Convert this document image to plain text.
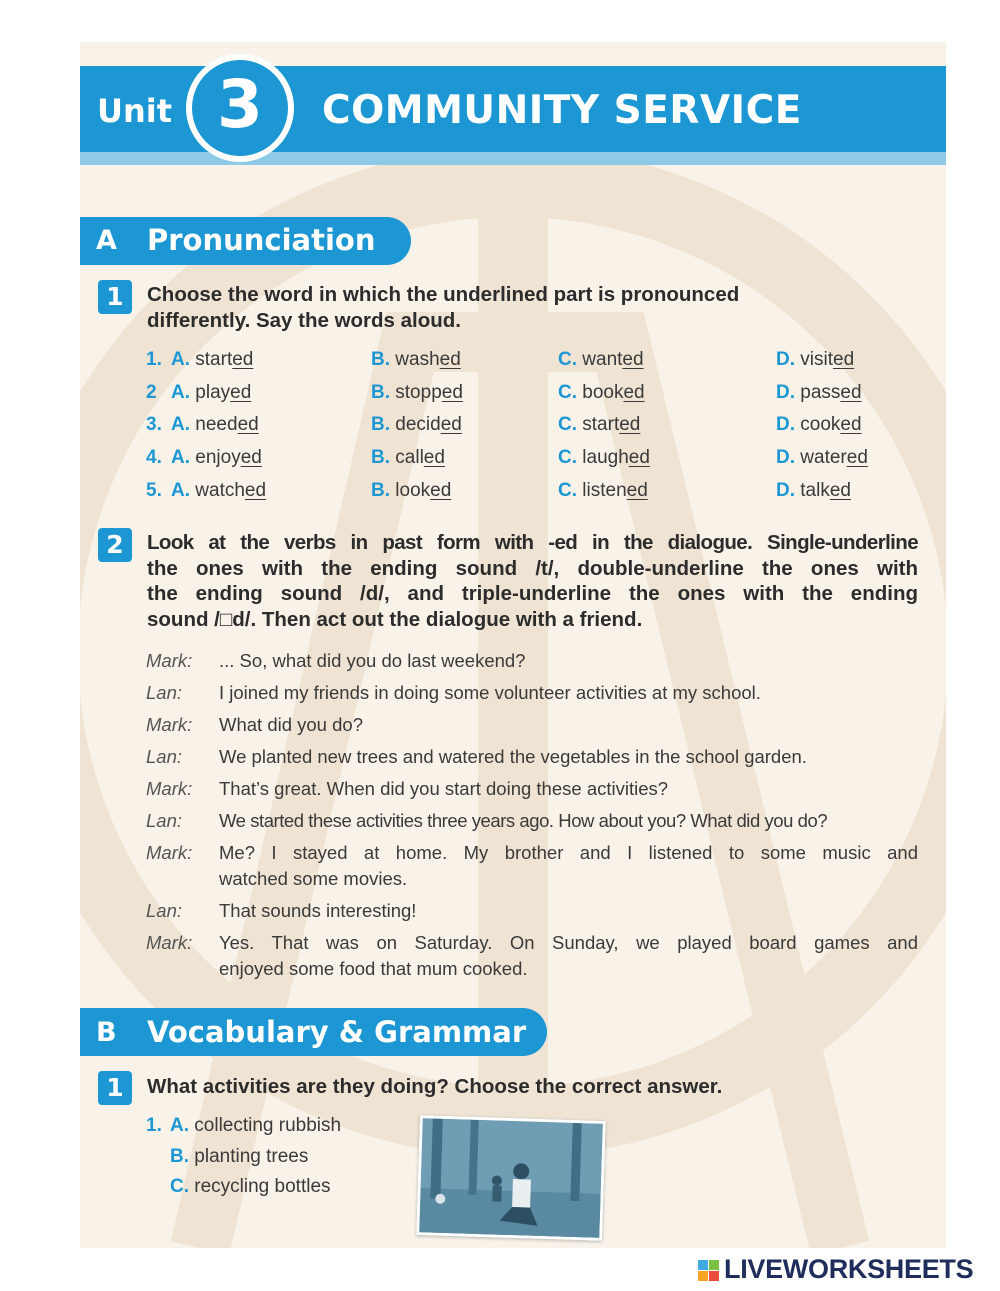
Unit 3	COMMUNITY SERVICE
A Pronunciation
1	Choose the word in which the underlined part is pronounced
differently. Say the words aloud.
1. A. started	B. washed	C. wanted	D. visited
2 A. played	B. stopped	C. booked	D. passed
3. A. needed	B. decided	C. started	D. cooked
4. A. enjoyed	B. called	C. laughed	D. watered
5. A. watched	B. looked	C. listened	D. talked
2	Look at the verbs in past form with -ed in the dialogue. Single-underline
the ones with the ending sound /t/, double-underline the ones with
the ending sound /d/, and triple-underline the ones with the ending
sound /□d/. Then act out the dialogue with a friend.
Mark: ... So, what did you do last weekend?
Lan: I joined my friends in doing some volunteer activities at my school.
Mark: What did you do?
Lan: We planted new trees and watered the vegetables in the school garden.
Mark: That’s great. When did you start doing these activities?
Lan: We started these activities three years ago. How about you? What did you do?
Mark: Me? I stayed at home. My brother and I listened to some music and
watched some movies.
Lan: That sounds interesting!
Mark: Yes. That was on Saturday. On Sunday, we played board games and
enjoyed some food that mum cooked.
B Vocabulary & Grammar
1	What activities are they doing? Choose the correct answer.
1. A. collecting rubbish
B. planting trees
C. recycling bottles
LIVEWORKSHEETS
